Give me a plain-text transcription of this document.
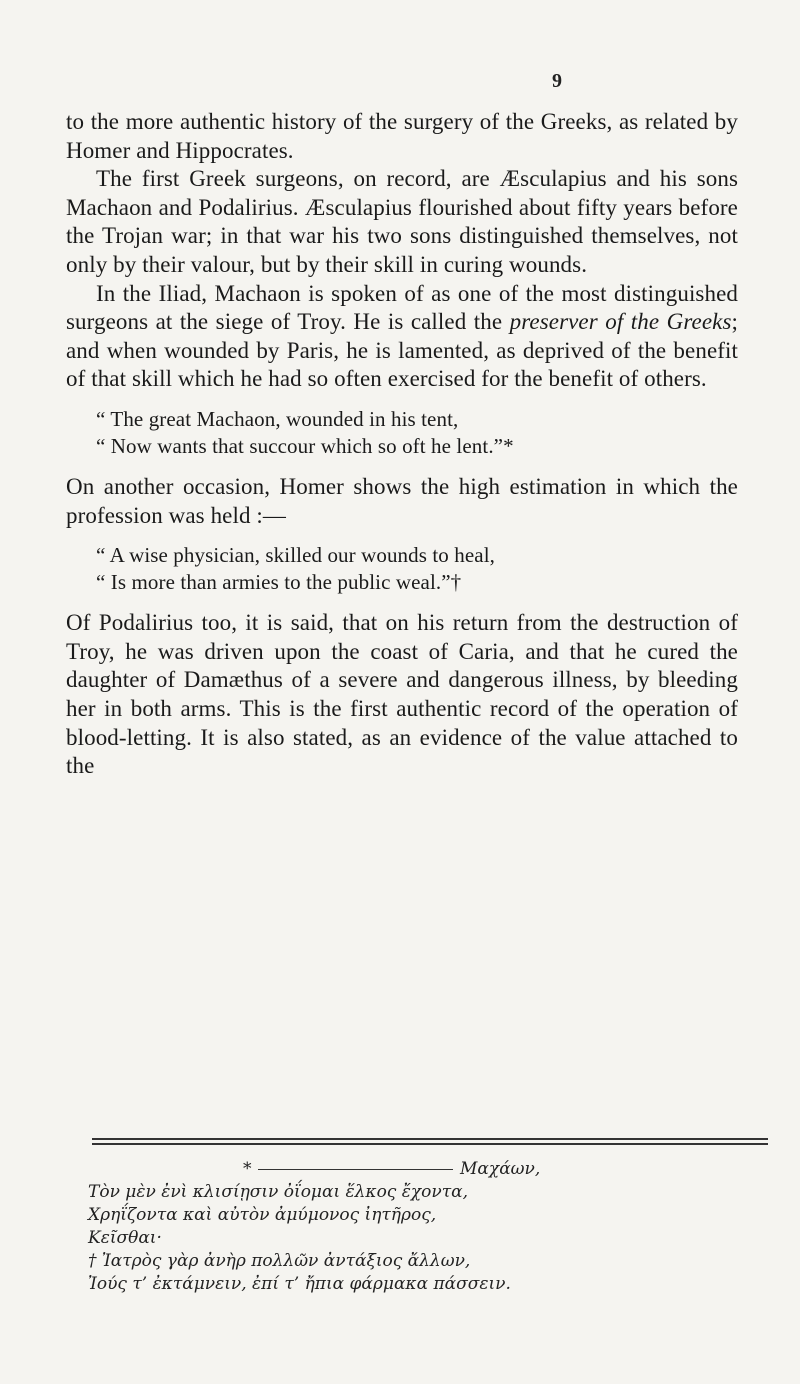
9

to the more authentic history of the surgery of the Greeks, as related by Homer and Hippocrates.

The first Greek surgeons, on record, are Æsculapius and his sons Machaon and Podalirius. Æsculapius flourished about fifty years before the Trojan war; in that war his two sons distinguished themselves, not only by their valour, but by their skill in curing wounds.

In the Iliad, Machaon is spoken of as one of the most distinguished surgeons at the siege of Troy. He is called the preserver of the Greeks; and when wounded by Paris, he is lamented, as deprived of the benefit of that skill which he had so often exercised for the benefit of others.

“ The great Machaon, wounded in his tent,
“ Now wants that succour which so oft he lent.”*

On another occasion, Homer shows the high estimation in which the profession was held :—

“ A wise physician, skilled our wounds to heal,
“ Is more than armies to the public weal.”†

Of Podalirius too, it is said, that on his return from the destruction of Troy, he was driven upon the coast of Caria, and that he cured the daughter of Damæthus of a severe and dangerous illness, by bleeding her in both arms. This is the first authentic record of the operation of blood-letting. It is also stated, as an evidence of the value attached to the

*	Μαχάων,
Τὸν μὲν ἐνὶ κλισίῃσιν ὀΐομαι ἕλκος ἔχοντα,
Χρηΐζοντα καὶ αὐτὸν ἀμύμονος ἰητῆρος,
Κεῖσθαι·
† Ἰατρὸς γὰρ ἀνὴρ πολλῶν ἀντάξιος ἄλλων,
Ἰούς τ’ ἐκτάμνειν, ἐπί τ’ ἤπια φάρμακα πάσσειν.
